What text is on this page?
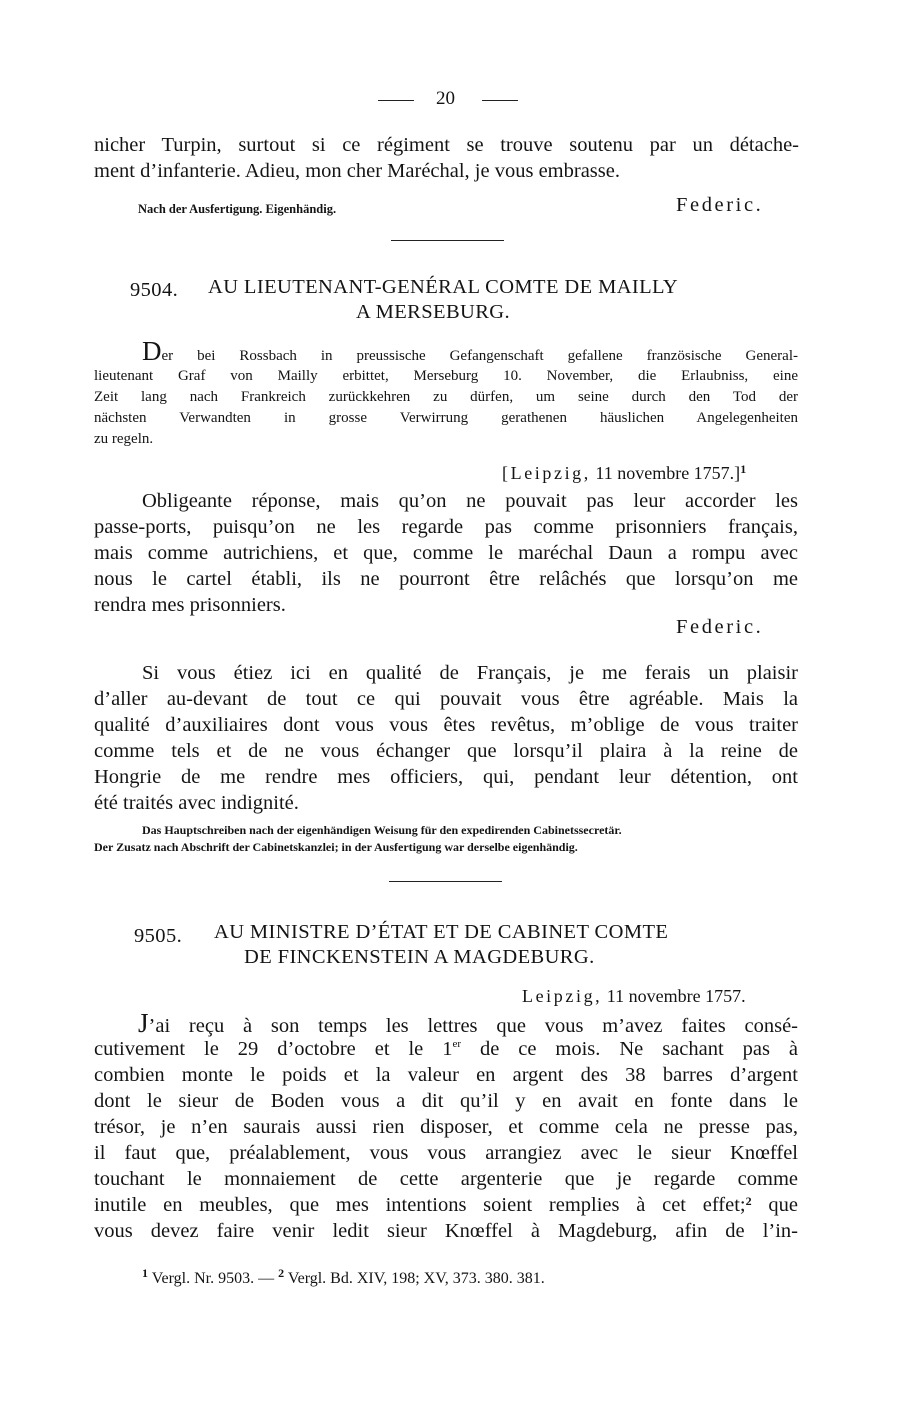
20
nicher Turpin, surtout si ce régiment se trouve soutenu par un détache-
ment d’infanterie. Adieu, mon cher Maréchal, je vous embrasse.
Nach der Ausfertigung. Eigenhändig.	Federic.
9504. AU LIEUTENANT-GENÉRAL COMTE DE MAILLY
A MERSEBURG.
Der bei Rossbach in preussische Gefangenschaft gefallene französische General-
lieutenant Graf von Mailly erbittet, Merseburg 10. November, die Erlaubniss, eine
Zeit lang nach Frankreich zurückkehren zu dürfen, um seine durch den Tod der
nächsten Verwandten in grosse Verwirrung gerathenen häuslichen Angelegenheiten
zu regeln.
[Leipzig, 11 novembre 1757.]$^1$
Obligeante réponse, mais qu’on ne pouvait pas leur accorder les
passe-ports, puisqu’on ne les regarde pas comme prisonniers français,
mais comme autrichiens, et que, comme le maréchal Daun a rompu avec
nous le cartel établi, ils ne pourront être relâchés que lorsqu’on me
rendra mes prisonniers.
Federic.
Si vous étiez ici en qualité de Français, je me ferais un plaisir
d’aller au-devant de tout ce qui pouvait vous être agréable. Mais la
qualité d’auxiliaires dont vous vous êtes revêtus, m’oblige de vous traiter
comme tels et de ne vous échanger que lorsqu’il plaira à la reine de
Hongrie de me rendre mes officiers, qui, pendant leur détention, ont
été traités avec indignité.
Das Hauptschreiben nach der eigenhändigen Weisung für den expedirenden Cabinetssecretär.
Der Zusatz nach Abschrift der Cabinetskanzlei; in der Ausfertigung war derselbe eigenhändig.
9505. AU MINISTRE D’ÉTAT ET DE CABINET COMTE
DE FINCKENSTEIN A MAGDEBURG.
Leipzig, 11 novembre 1757.
J’ai reçu à son temps les lettres que vous m’avez faites consé-
cutivement le 29 d’octobre et le 1er de ce mois. Ne sachant pas à
combien monte le poids et la valeur en argent des 38 barres d’argent
dont le sieur de Boden vous a dit qu’il y en avait en fonte dans le
trésor, je n’en saurais aussi rien disposer, et comme cela ne presse pas,
il faut que, préalablement, vous vous arrangiez avec le sieur Knœffel
touchant le monnaiement de cette argenterie que je regarde comme
inutile en meubles, que mes intentions soient remplies à cet effet;$^2$ que
vous devez faire venir ledit sieur Knœffel à Magdeburg, afin de l’in-
$^1$ Vergl. Nr. 9503. — $^2$ Vergl. Bd. XIV, 198; XV, 373. 380. 381.
